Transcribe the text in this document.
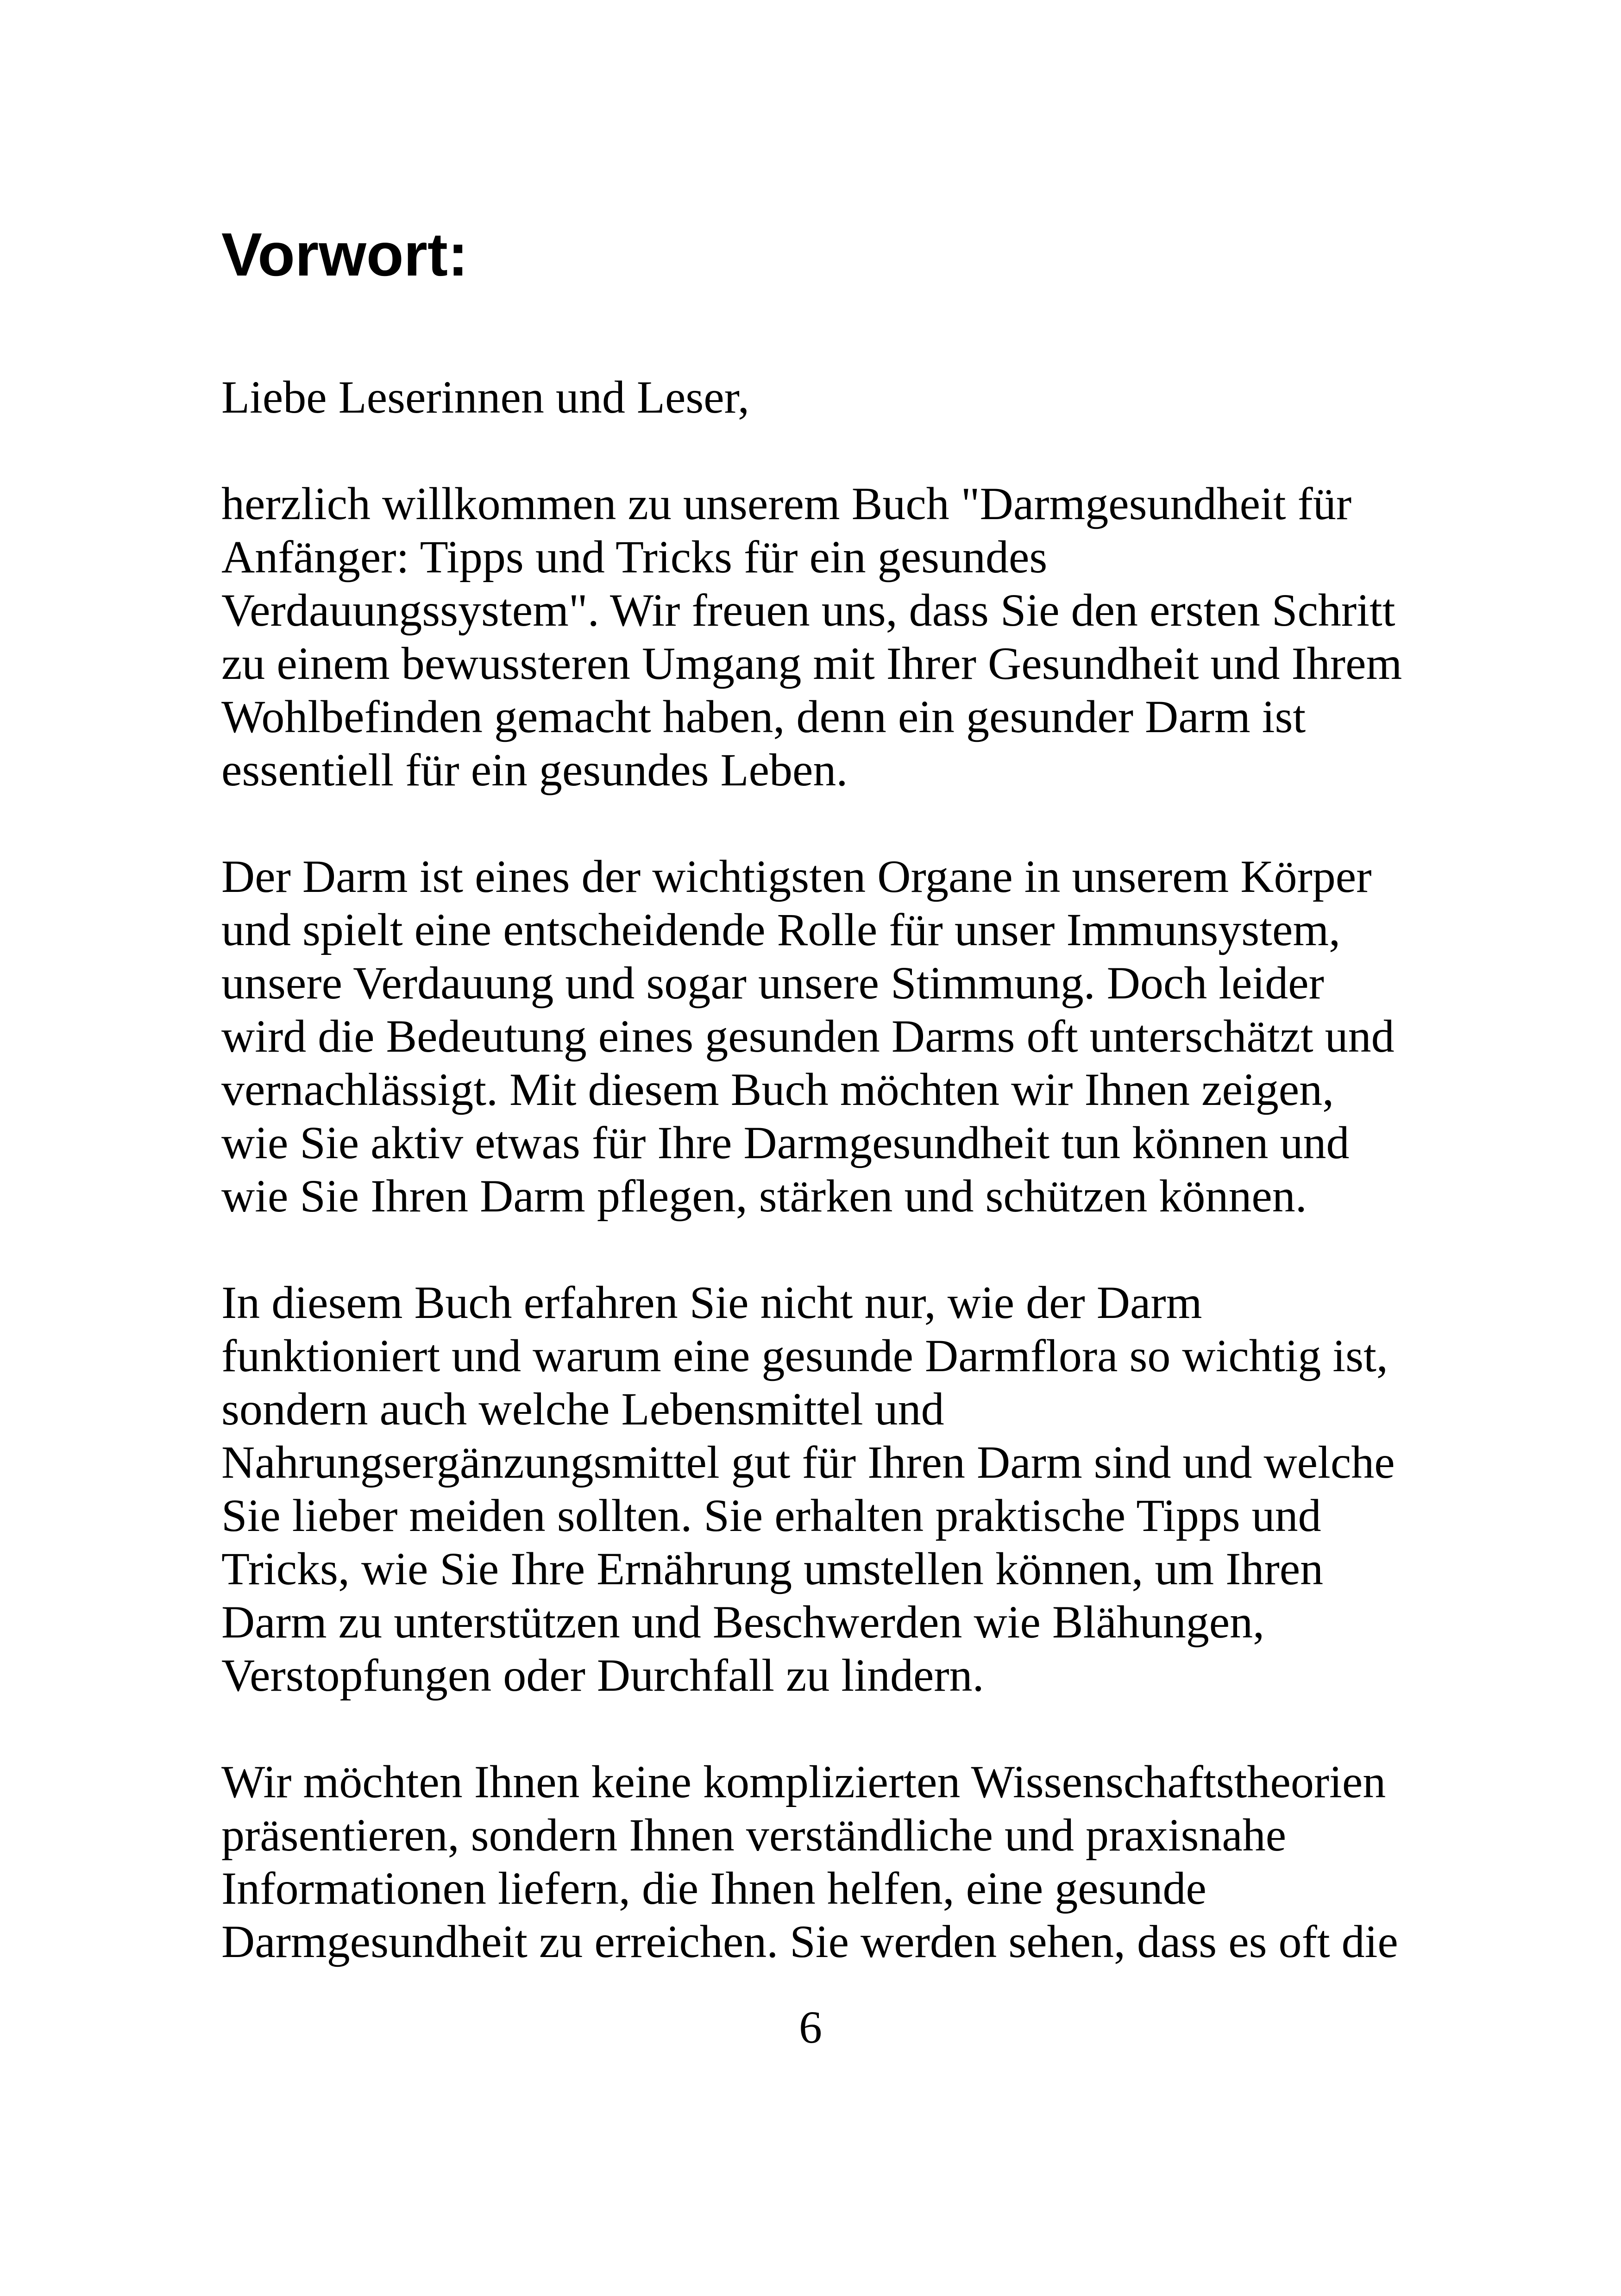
Vorwort:

Liebe Leserinnen und Leser,

herzlich willkommen zu unserem Buch "Darmgesundheit für
Anfänger: Tipps und Tricks für ein gesundes
Verdauungssystem". Wir freuen uns, dass Sie den ersten Schritt
zu einem bewussteren Umgang mit Ihrer Gesundheit und Ihrem
Wohlbefinden gemacht haben, denn ein gesunder Darm ist
essentiell für ein gesundes Leben.

Der Darm ist eines der wichtigsten Organe in unserem Körper
und spielt eine entscheidende Rolle für unser Immunsystem,
unsere Verdauung und sogar unsere Stimmung. Doch leider
wird die Bedeutung eines gesunden Darms oft unterschätzt und
vernachlässigt. Mit diesem Buch möchten wir Ihnen zeigen,
wie Sie aktiv etwas für Ihre Darmgesundheit tun können und
wie Sie Ihren Darm pflegen, stärken und schützen können.

In diesem Buch erfahren Sie nicht nur, wie der Darm
funktioniert und warum eine gesunde Darmflora so wichtig ist,
sondern auch welche Lebensmittel und
Nahrungsergänzungsmittel gut für Ihren Darm sind und welche
Sie lieber meiden sollten. Sie erhalten praktische Tipps und
Tricks, wie Sie Ihre Ernährung umstellen können, um Ihren
Darm zu unterstützen und Beschwerden wie Blähungen,
Verstopfungen oder Durchfall zu lindern.

Wir möchten Ihnen keine komplizierten Wissenschaftstheorien
präsentieren, sondern Ihnen verständliche und praxisnahe
Informationen liefern, die Ihnen helfen, eine gesunde
Darmgesundheit zu erreichen. Sie werden sehen, dass es oft die

6
